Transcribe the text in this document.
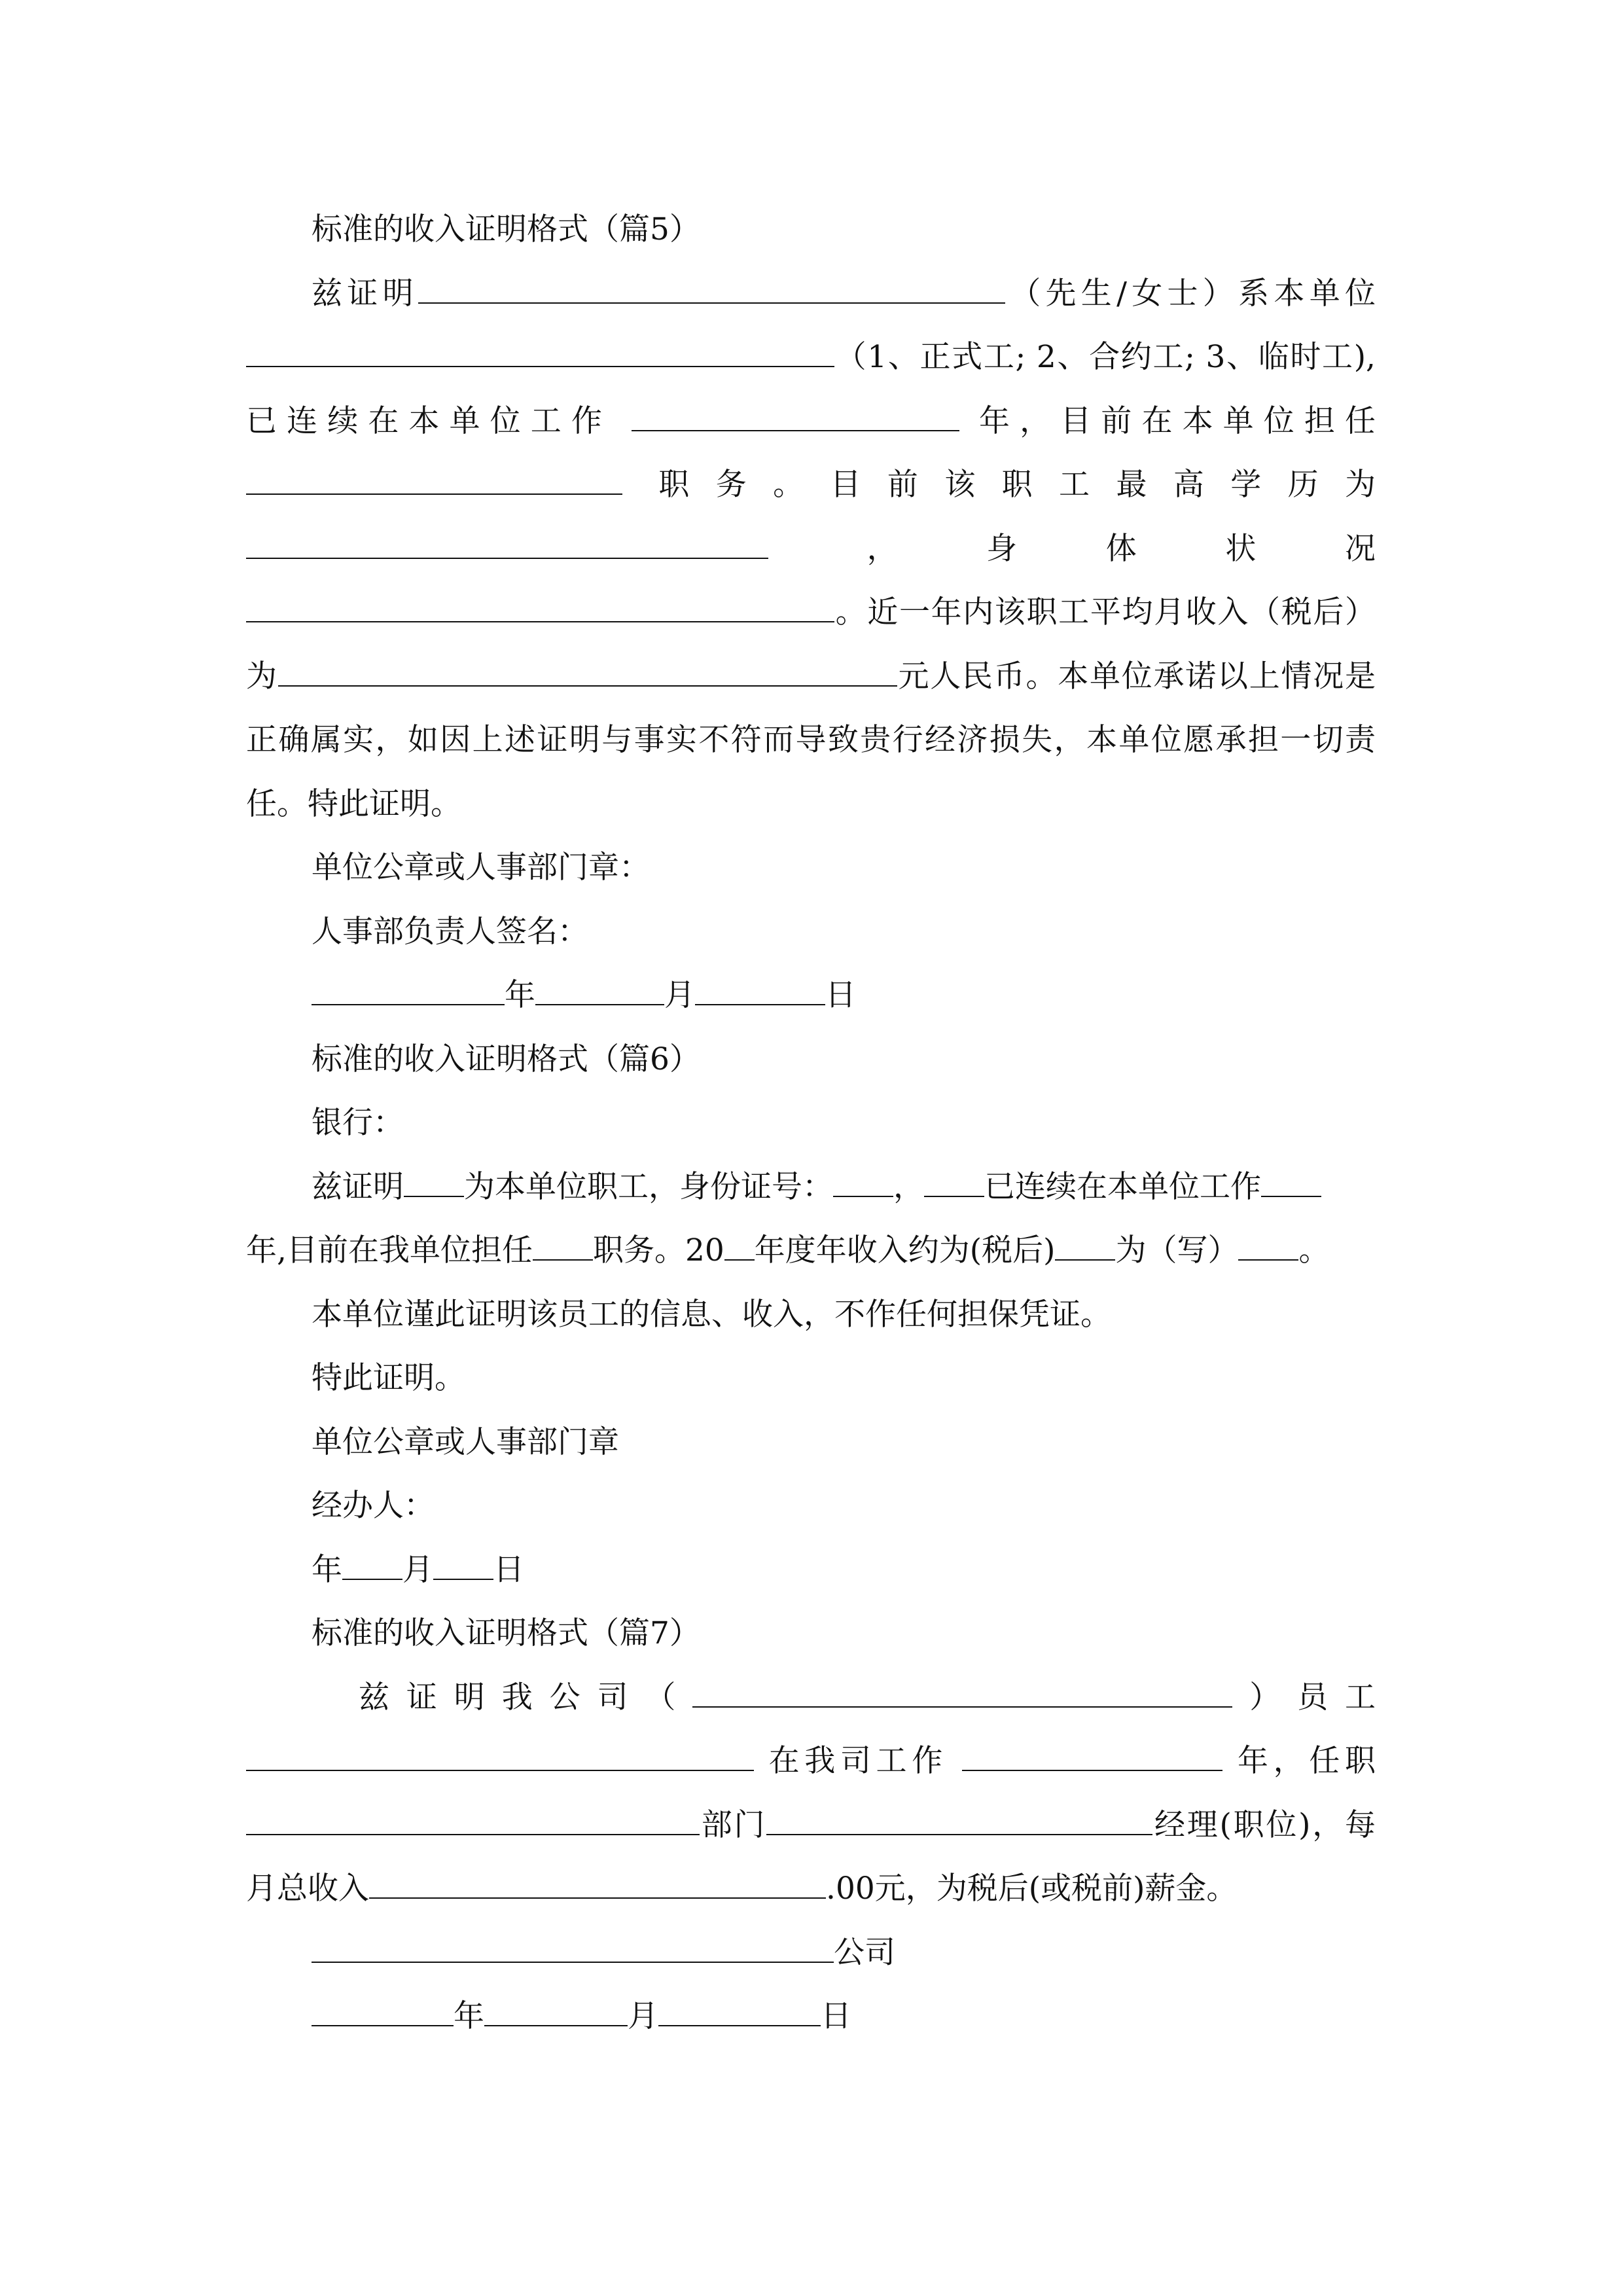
标准的收入证明格式（篇5）
兹证明	（先生/女士）系本单位
（1、正式工; 2、合约工; 3、临时工),
已连续在本单位工作	年，目前在本单位担任
职务。目前该职工最高学历为
，身体状况
。近一年内该职工平均月收入（税后）
为	元人民币。本单位承诺以上情况是
正确属实，如因上述证明与事实不符而导致贵行经济损失，本单位愿承担一切责
任。特此证明。
单位公章或人事部门章：
人事部负责人签名：
年	月	日
标准的收入证明格式（篇6）
银行：
兹证明 为本单位职工，身份证号： ， 已连续在本单位工作
年,目前在我单位担任 职务。20 年度年收入约为(税后) 为（写） 。
本单位谨此证明该员工的信息、收入，不作任何担保凭证。
特此证明。
单位公章或人事部门章
经办人：
年 月 日
标准的收入证明格式（篇7）
兹证明我公司（	）员工
在我司工作	年，任职
部门	经理(职位)，每
月总收入	.00元，为税后(或税前)薪金。
公司
年	月	日
